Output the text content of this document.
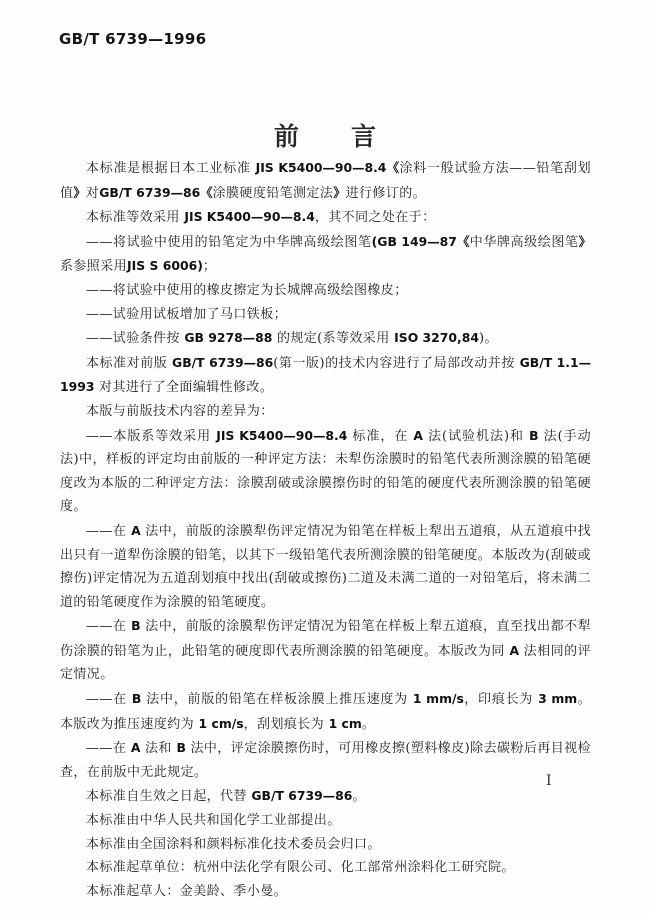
GB/T 6739—1996
前 言

本标准是根据日本工业标准 JIS K5400—90—8.4《涂料一般试验方法——铅笔刮划值》对GB/T 6739—86《涂膜硬度铅笔测定法》进行修订的。

本标准等效采用 JIS K5400—90—8.4，其不同之处在于：

——将试验中使用的铅笔定为中华牌高级绘图笔(GB 149—87《中华牌高级绘图笔》系参照采用JIS S 6006)；

——将试验中使用的橡皮擦定为长城牌高级绘图橡皮；

——试验用试板增加了马口铁板；

——试验条件按 GB 9278—88 的规定(系等效采用 ISO 3270,84)。

本标准对前版 GB/T 6739—86(第一版)的技术内容进行了局部改动并按 GB/T 1.1—1993 对其进行了全面编辑性修改。

本版与前版技术内容的差异为：

——本版系等效采用 JIS K5400—90—8.4 标准，在 A 法(试验机法)和 B 法(手动法)中，样板的评定均由前版的一种评定方法：未犁伤涂膜时的铅笔代表所测涂膜的铅笔硬度改为本版的二种评定方法：涂膜刮破或涂膜擦伤时的铅笔的硬度代表所测涂膜的铅笔硬度。

——在 A 法中，前版的涂膜犁伤评定情况为铅笔在样板上犁出五道痕，从五道痕中找出只有一道犁伤涂膜的铅笔，以其下一级铅笔代表所测涂膜的铅笔硬度。本版改为(刮破或擦伤)评定情况为五道刮划痕中找出(刮破或擦伤)二道及未满二道的一对铅笔后，将未满二道的铅笔硬度作为涂膜的铅笔硬度。

——在 B 法中，前版的涂膜犁伤评定情况为铅笔在样板上犁五道痕，直至找出都不犁伤涂膜的铅笔为止，此铅笔的硬度即代表所测涂膜的铅笔硬度。本版改为同 A 法相同的评定情况。

——在 B 法中，前版的铅笔在样板涂膜上推压速度为 1 mm/s，印痕长为 3 mm。本版改为推压速度约为 1 cm/s，刮划痕长为 1 cm。

——在 A 法和 B 法中，评定涂膜擦伤时，可用橡皮擦(塑料橡皮)除去碳粉后再目视检查，在前版中无此规定。

本标准自生效之日起，代替 GB/T 6739—86。

本标准由中华人民共和国化学工业部提出。

本标准由全国涂料和颜料标准化技术委员会归口。

本标准起草单位：杭州中法化学有限公司、化工部常州涂料化工研究院。

本标准起草人：金美龄、季小曼。

I
